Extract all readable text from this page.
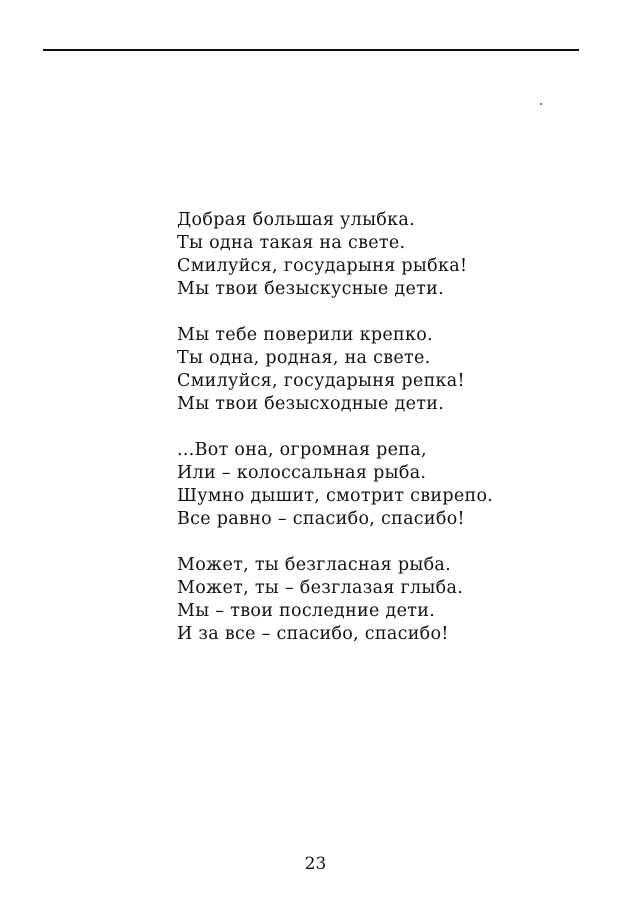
Добрая большая улыбка.
Ты одна такая на свете.
Смилуйся, государыня рыбка!
Мы твои безыскусные дети.
Мы тебе поверили крепко.
Ты одна, родная, на свете.
Смилуйся, государыня репка!
Мы твои безысходные дети.
...Вот она, огромная репа,
Или – колоссальная рыба.
Шумно дышит, смотрит свирепо.
Все равно – спасибо, спасибо!
Может, ты безгласная рыба.
Может, ты – безглазая глыба.
Мы – твои последние дети.
И за все – спасибо, спасибо!
23
